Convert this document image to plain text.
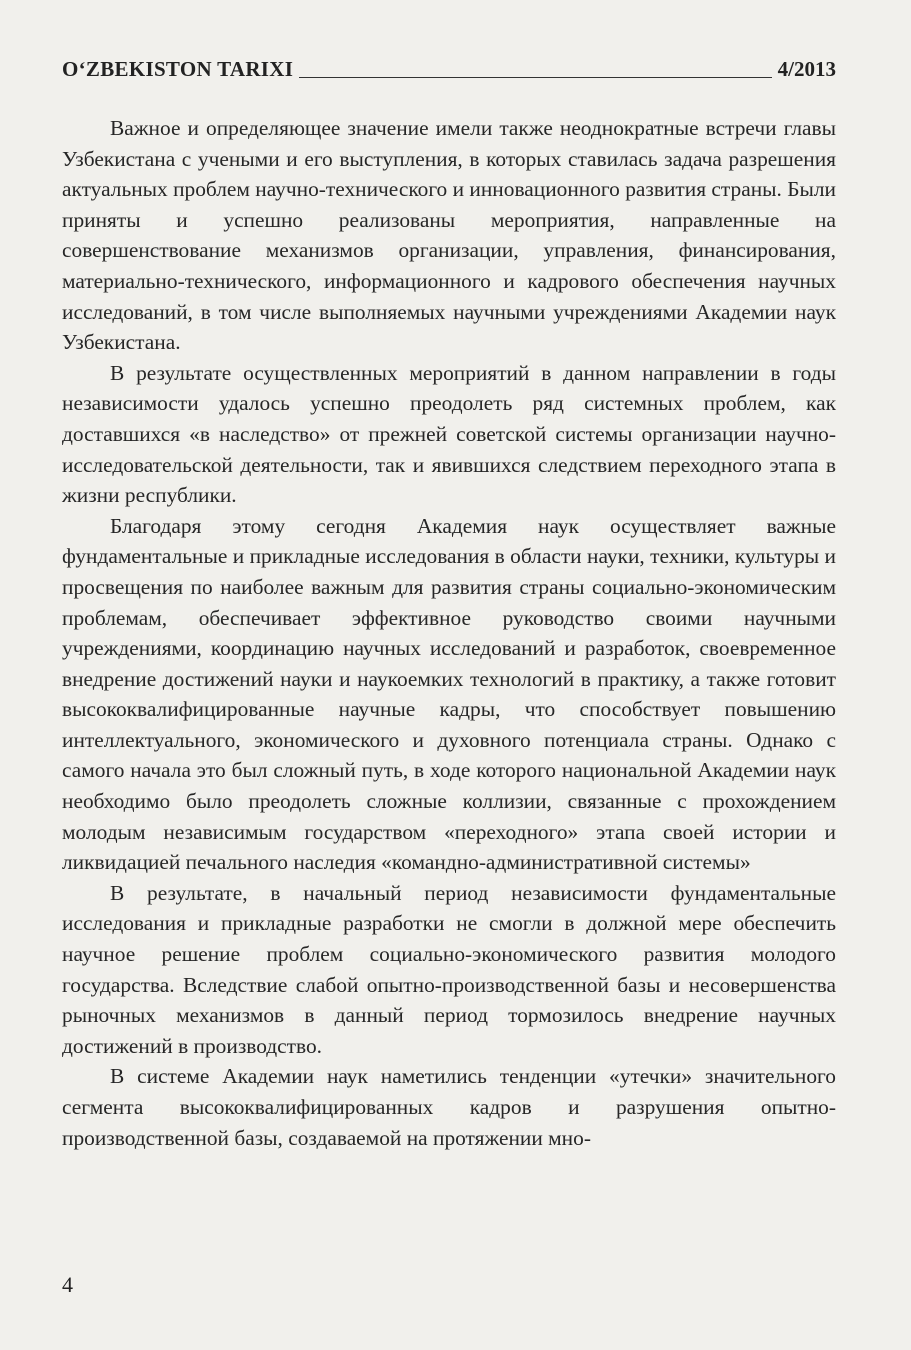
O‘ZBEKISTON TARIXI	4/2013

Важное и определяющее значение имели также неоднократные встречи главы Узбекистана с учеными и его выступления, в которых ставилась задача разрешения актуальных проблем научно-технического и инновационного развития страны. Были приняты и успешно реализованы мероприятия, направленные на совершенствование механизмов организации, управления, финансирования, материально-технического, информационного и кадрового обеспечения научных исследований, в том числе выполняемых научными учреждениями Академии наук Узбекистана.

В результате осуществленных мероприятий в данном направлении в годы независимости удалось успешно преодолеть ряд системных проблем, как доставшихся «в наследство» от прежней советской системы организации научно-исследовательской деятельности, так и явившихся следствием переходного этапа в жизни республики.

Благодаря этому сегодня Академия наук осуществляет важные фундаментальные и прикладные исследования в области науки, техники, культуры и просвещения по наиболее важным для развития страны социально-экономическим проблемам, обеспечивает эффективное руководство своими научными учреждениями, координацию научных исследований и разработок, своевременное внедрение достижений науки и наукоемких технологий в практику, а также готовит высококвалифицированные научные кадры, что способствует повышению интеллектуального, экономического и духовного потенциала страны. Однако с самого начала это был сложный путь, в ходе которого национальной Академии наук необходимо было преодолеть сложные коллизии, связанные с прохождением молодым независимым государством «переходного» этапа своей истории и ликвидацией печального наследия «командно-административной системы»

В результате, в начальный период независимости фундаментальные исследования и прикладные разработки не смогли в должной мере обеспечить научное решение проблем социально-экономического развития молодого государства. Вследствие слабой опытно-производственной базы и несовершенства рыночных механизмов в данный период тормозилось внедрение научных достижений в производство.

В системе Академии наук наметились тенденции «утечки» значительного сегмента высококвалифицированных кадров и разрушения опытно-производственной базы, создаваемой на протяжении мно-

4
